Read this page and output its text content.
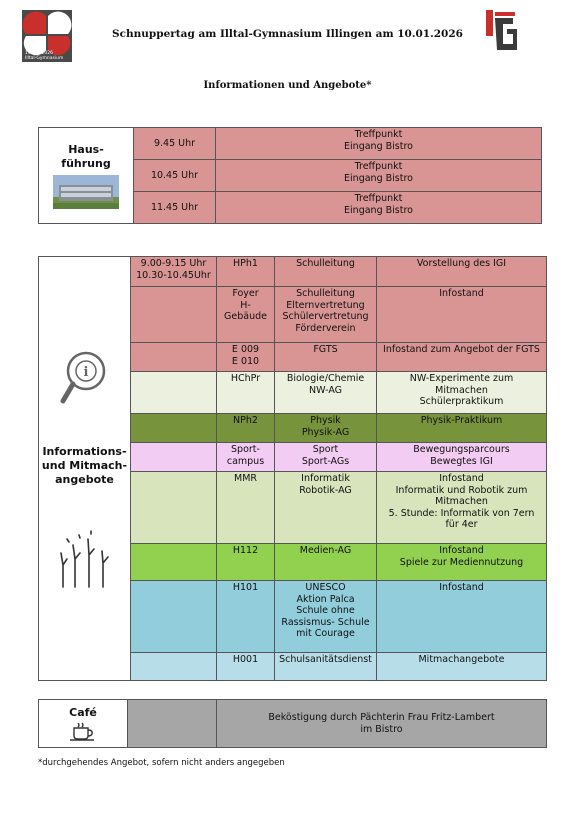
1958 – 2026
Illtal-Gymnasium
Schnuppertag am Illtal-Gymnasium Illingen am 10.01.2026
Informationen und Angebote*
Haus-
führung	9.45 Uhr	Treffpunkt
Eingang Bistro

	10.45 Uhr	Treffpunkt
Eingang Bistro

	11.45 Uhr	Treffpunkt
Eingang Bistro
i
Informations-
und Mitmach-
angebote	9.00-9.15 Uhr
10.30-10.45Uhr	HPh1	Schulleitung	Vorstellung des IGI

		Foyer
H-
Gebäude	Schulleitung
Elternvertretung
Schülervertretung
Förderverein	Infostand

		E 009
E 010	FGTS	Infostand zum Angebot der FGTS

		HChPr	Biologie/Chemie
NW-AG	NW-Experimente zum
Mitmachen
Schülerpraktikum

		NPh2	Physik
Physik-AG	Physik-Praktikum

		Sport-
campus	Sport
Sport-AGs	Bewegungsparcours
Bewegtes IGI

		MMR	Informatik
Robotik-AG	Infostand
Informatik und Robotik zum
Mitmachen
5. Stunde: Informatik von 7ern
für 4er

		H112	Medien-AG	Infostand
Spiele zur Mediennutzung

		H101	UNESCO
Aktion Palca
Schule ohne
Rassismus- Schule
mit Courage	Infostand

		H001	Schulsanitätsdienst	Mitmachangebote
Café		Beköstigung durch Pächterin Frau Fritz-Lambert
im Bistro
*durchgehendes Angebot, sofern nicht anders angegeben
